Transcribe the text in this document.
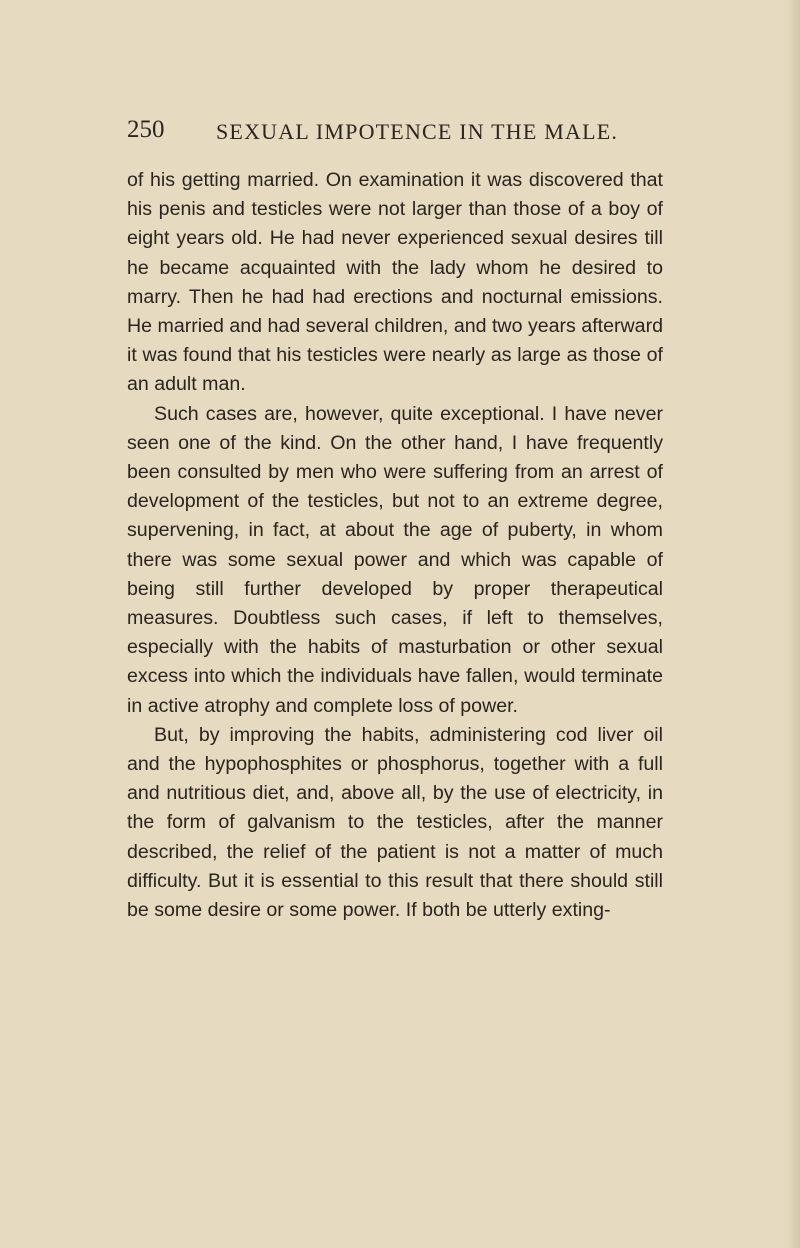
250 SEXUAL IMPOTENCE IN THE MALE.

of his getting married. On examination it was discovered that his penis and testicles were not larger than those of a boy of eight years old. He had never experienced sexual desires till he became acquainted with the lady whom he desired to marry. Then he had had erections and nocturnal emissions. He married and had several children, and two years afterward it was found that his testicles were nearly as large as those of an adult man.

Such cases are, however, quite exceptional. I have never seen one of the kind. On the other hand, I have frequently been consulted by men who were suffering from an arrest of development of the testicles, but not to an extreme degree, supervening, in fact, at about the age of puberty, in whom there was some sexual power and which was capable of being still further developed by proper therapeutical measures. Doubtless such cases, if left to themselves, especially with the habits of masturbation or other sexual excess into which the individuals have fallen, would terminate in active atrophy and complete loss of power.

But, by improving the habits, administering cod liver oil and the hypophosphites or phosphorus, together with a full and nutritious diet, and, above all, by the use of electricity, in the form of galvanism to the testicles, after the manner described, the relief of the patient is not a matter of much difficulty. But it is essential to this result that there should still be some desire or some power. If both be utterly exting-
